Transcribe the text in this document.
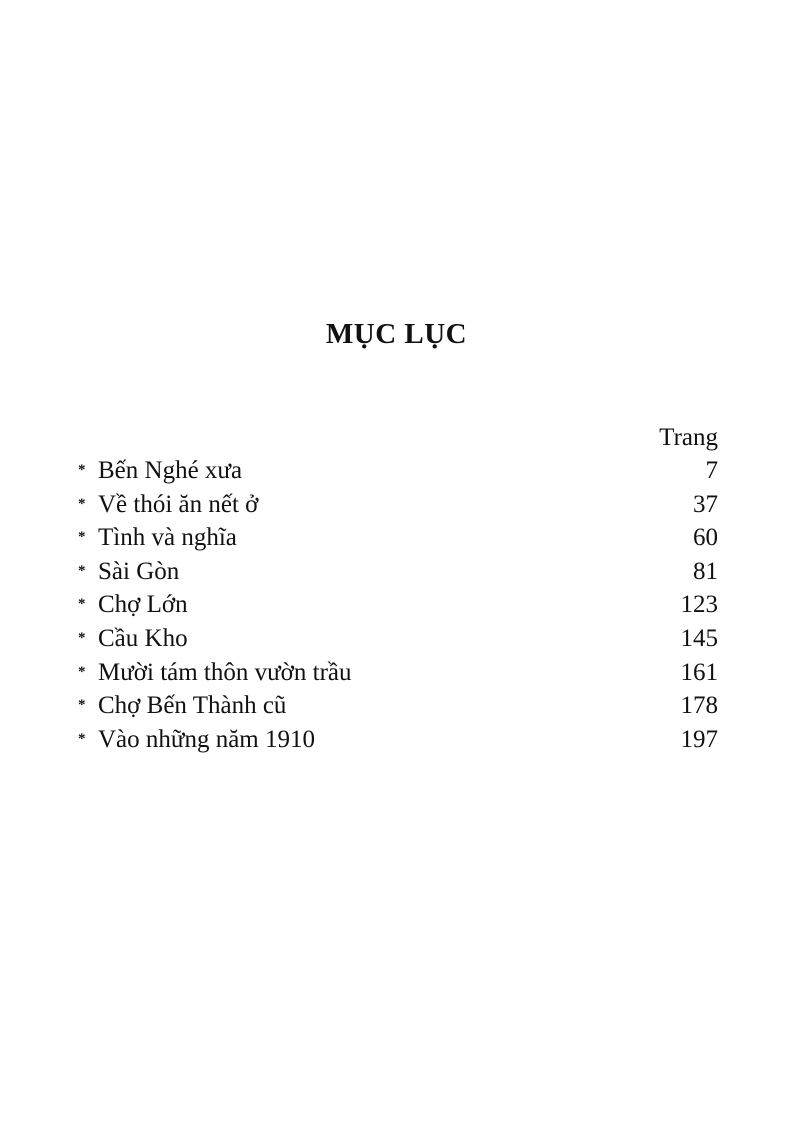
MỤC LỤC
Trang
* Bến Nghé xưa	7
* Về thói ăn nết ở	37
* Tình và nghĩa	60
* Sài Gòn	81
* Chợ Lớn	123
* Cầu Kho	145
* Mười tám thôn vườn trầu	161
* Chợ Bến Thành cũ	178
* Vào những năm 1910	197
